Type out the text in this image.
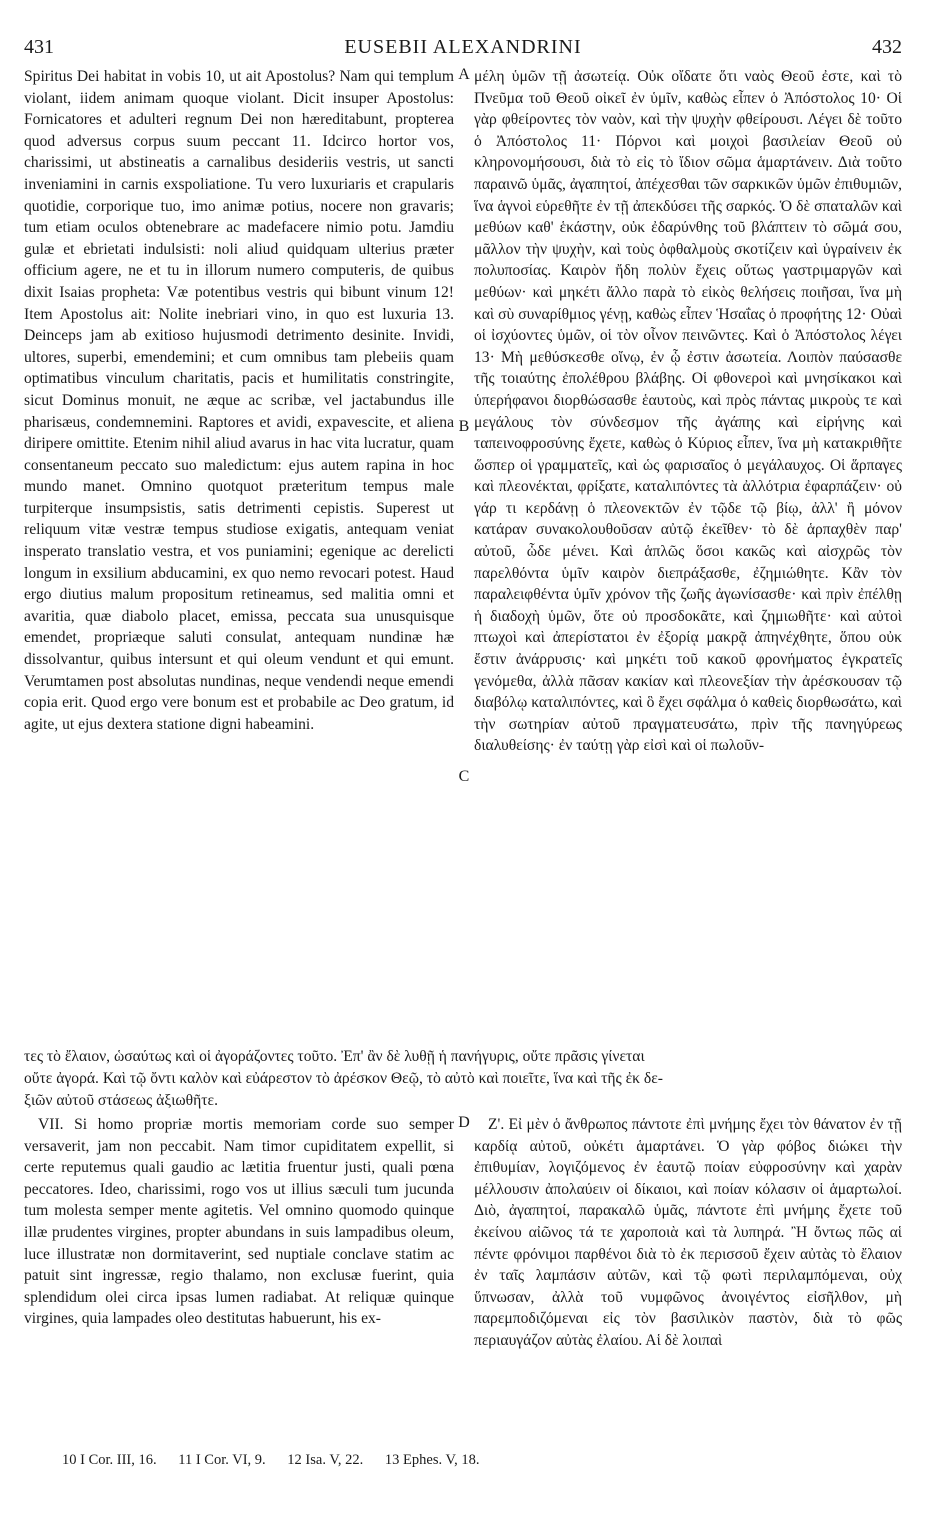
431	EUSEBII ALEXANDRINI	432

Spiritus Dei habitat in vobis 10, ut ait Apostolus? Nam qui templum violant, iidem animam quoque violant. Dicit insuper Apostolus: Fornicatores et adulteri regnum Dei non hæreditabunt, propterea quod adversus corpus suum peccant 11. Idcirco hortor vos, charissimi, ut abstineatis a carnalibus desideriis vestris, ut sancti inveniamini in carnis exspoliatione. Tu vero luxuriaris et crapularis quotidie, corporique tuo, imo animæ potius, nocere non gravaris; tum etiam oculos obtenebrare ac madefacere nimio potu. Jamdiu gulæ et ebrietati indulsisti: noli aliud quidquam ulterius præter officium agere, ne et tu in illorum numero computeris, de quibus dixit Isaias propheta: Væ potentibus vestris qui bibunt vinum 12! Item Apostolus ait: Nolite inebriari vino, in quo est luxuria 13. Deinceps jam ab exitioso hujusmodi detrimento desinite. Invidi, ultores, superbi, emendemini; et cum omnibus tam plebeiis quam optimatibus vinculum charitatis, pacis et humilitatis constringite, sicut Dominus monuit, ne æque ac scribæ, vel jactabundus ille pharisæus, condemnemini. Raptores et avidi, expavescite, et aliena diripere omittite. Etenim nihil aliud avarus in hac vita lucratur, quam consentaneum peccato suo maledictum: ejus autem rapina in hoc mundo manet. Omnino quotquot præteritum tempus male turpiterque insumpsistis, satis detrimenti cepistis. Superest ut reliquum vitæ vestræ tempus studiose exigatis, antequam veniat insperato translatio vestra, et vos puniamini; egenique ac derelicti longum in exsilium abducamini, ex quo nemo revocari potest. Haud ergo diutius malum propositum retineamus, sed malitia omni et avaritia, quæ diabolo placet, emissa, peccata sua unusquisque emendet, propriæque saluti consulat, antequam nundinæ hæ dissolvantur, quibus intersunt et qui oleum vendunt et qui emunt. Verumtamen post absolutas nundinas, neque vendendi neque emendi copia erit. Quod ergo vere bonum est et probabile ac Deo gratum, id agite, ut ejus dextera statione digni habeamini.

μέλη ὑμῶν τῇ ἀσωτείᾳ. Οὐκ οἴδατε ὅτι ναὸς Θεοῦ ἐστε, καὶ τὸ Πνεῦμα τοῦ Θεοῦ οἰκεῖ ἐν ὑμῖν, καθὼς εἶπεν ὁ Ἀπόστολος 10· Οἱ γὰρ φθείροντες τὸν ναὸν, καὶ τὴν ψυχὴν φθείρουσι. Λέγει δὲ τοῦτο ὁ Ἀπόστολος 11· Πόρνοι καὶ μοιχοὶ βασιλείαν Θεοῦ οὐ κληρονομήσουσι, διὰ τὸ εἰς τὸ ἴδιον σῶμα ἁμαρτάνειν. Διὰ τοῦτο παραινῶ ὑμᾶς, ἀγαπητοί, ἀπέχεσθαι τῶν σαρκικῶν ὑμῶν ἐπιθυμιῶν, ἵνα ἁγνοὶ εὑρεθῆτε ἐν τῇ ἀπεκδύσει τῆς σαρκός. Ὁ δὲ σπαταλῶν καὶ μεθύων καθ' ἑκάστην, οὐκ ἐδαρύνθης τοῦ βλάπτειν τὸ σῶμά σου, μᾶλλον τὴν ψυχὴν, καὶ τοὺς ὀφθαλμοὺς σκοτίζειν καὶ ὑγραίνειν ἐκ πολυποσίας. Καιρὸν ἤδη πολὺν ἔχεις οὕτως γαστριμαργῶν καὶ μεθύων· καὶ μηκέτι ἄλλο παρὰ τὸ εἰκὸς θελήσεις ποιῆσαι, ἵνα μὴ καὶ σὺ συναρίθμιος γένῃ, καθὼς εἶπεν Ἡσαΐας ὁ προφήτης 12· Οὐαὶ οἱ ἰσχύοντες ὑμῶν, οἱ τὸν οἶνον πεινῶντες. Καὶ ὁ Ἀπόστολος λέγει 13· Μὴ μεθύσκεσθε οἴνῳ, ἐν ᾧ ἐστιν ἀσωτεία. Λοιπὸν παύσασθε τῆς τοιαύτης ἐπολέθρου βλάβης. Οἱ φθονεροὶ καὶ μνησίκακοι καὶ ὑπερήφανοι διορθώσασθε ἑαυτοὺς, καὶ πρὸς πάντας μικροὺς τε καὶ μεγάλους τὸν σύνδεσμον τῆς ἀγάπης καὶ εἰρήνης καὶ ταπεινοφροσύνης ἔχετε, καθὼς ὁ Κύριος εἶπεν, ἵνα μὴ κατακριθῆτε ὥσπερ οἱ γραμματεῖς, καὶ ὡς φαρισαῖος ὁ μεγάλαυχος. Οἱ ἅρπαγες καὶ πλεονέκται, φρίξατε, καταλιπόντες τὰ ἀλλότρια ἐφαρπάζειν· οὐ γάρ τι κερδάνῃ ὁ πλεονεκτῶν ἐν τῷδε τῷ βίῳ, ἀλλ' ἢ μόνον κατάραν συνακολουθοῦσαν αὐτῷ ἐκεῖθεν· τὸ δὲ ἁρπαχθὲν παρ' αὐτοῦ, ὧδε μένει. Καὶ ἁπλῶς ὅσοι κακῶς καὶ αἰσχρῶς τὸν παρελθόντα ὑμῖν καιρὸν διεπράξασθε, ἐζημιώθητε. Κἂν τὸν παραλειφθέντα ὑμῖν χρόνον τῆς ζωῆς ἀγωνίσασθε· καὶ πρὶν ἐπέλθῃ ἡ διαδοχὴ ὑμῶν, ὅτε οὐ προσδοκᾶτε, καὶ ζημιωθῆτε· καὶ αὐτοὶ πτωχοὶ καὶ ἀπερίστατοι ἐν ἐξορίᾳ μακρᾷ ἀπηνέχθητε, ὅπου οὐκ ἔστιν ἀνάρρυσις· καὶ μηκέτι τοῦ κακοῦ φρονήματος ἐγκρατεῖς γενόμεθα, ἀλλὰ πᾶσαν κακίαν καὶ πλεονεξίαν τὴν ἀρέσκουσαν τῷ διαβόλῳ καταλιπόντες, καὶ ὃ ἔχει σφάλμα ὁ καθεὶς διορθωσάτω, καὶ τὴν σωτηρίαν αὐτοῦ πραγματευσάτω, πρὶν τῆς πανηγύρεως διαλυθείσης· ἐν ταύτῃ γὰρ εἰσὶ καὶ οἱ πωλοῦν-

A
B
C
D
τες τὸ ἔλαιον, ὡσαύτως καὶ οἱ ἀγοράζοντες τοῦτο. Ἐπ' ἂν δὲ λυθῇ ἡ πανήγυρις, οὔτε πρᾶσις γίνεται
οὔτε ἀγορά. Καὶ τῷ ὄντι καλὸν καὶ εὐάρεστον τὸ ἀρέσκον Θεῷ, τὸ αὐτὸ καὶ ποιεῖτε, ἵνα καὶ τῆς ἐκ δε-
ξιῶν αὐτοῦ στάσεως ἀξιωθῆτε.

VII. Si homo propriæ mortis memoriam corde suo semper versaverit, jam non peccabit. Nam timor cupiditatem expellit, si certe reputemus quali gaudio ac lætitia fruentur justi, quali pœna peccatores. Ideo, charissimi, rogo vos ut illius sæculi tum jucunda tum molesta semper mente agitetis. Vel omnino quomodo quinque illæ prudentes virgines, propter abundans in suis lampadibus oleum, luce illustratæ non dormitaverint, sed nuptiale conclave statim ac patuit sint ingressæ, regio thalamo, non exclusæ fuerint, quia splendidum olei circa ipsas lumen radiabat. At reliquæ quinque virgines, quia lampades oleo destitutas habuerunt, his ex-

Ζ'. Εἰ μὲν ὁ ἄνθρωπος πάντοτε ἐπὶ μνήμης ἔχει τὸν θάνατον ἐν τῇ καρδίᾳ αὐτοῦ, οὐκέτι ἁμαρτάνει. Ὁ γὰρ φόβος διώκει τὴν ἐπιθυμίαν, λογιζόμενος ἐν ἑαυτῷ ποίαν εὐφροσύνην καὶ χαρὰν μέλλουσιν ἀπολαύειν οἱ δίκαιοι, καὶ ποίαν κόλασιν οἱ ἁμαρτωλοί. Διὸ, ἀγαπητοί, παρακαλῶ ὑμᾶς, πάντοτε ἐπὶ μνήμης ἔχετε τοῦ ἐκείνου αἰῶνος τά τε χαροποιὰ καὶ τὰ λυπηρά. Ἢ ὄντως πῶς αἱ πέντε φρόνιμοι παρθένοι διὰ τὸ ἐκ περισσοῦ ἔχειν αὐτὰς τὸ ἔλαιον ἐν ταῖς λαμπάσιν αὐτῶν, καὶ τῷ φωτὶ περιλαμπόμεναι, οὐχ ὕπνωσαν, ἀλλὰ τοῦ νυμφῶνος ἀνοιγέντος εἰσῆλθον, μὴ παρεμποδιζόμεναι εἰς τὸν βασιλικὸν παστὸν, διὰ τὸ φῶς περιαυγάζον αὐτὰς ἐλαίου. Αἱ δὲ λοιπαὶ

10 I Cor. III, 16. 11 I Cor. VI, 9. 12 Isa. V, 22. 13 Ephes. V, 18.
